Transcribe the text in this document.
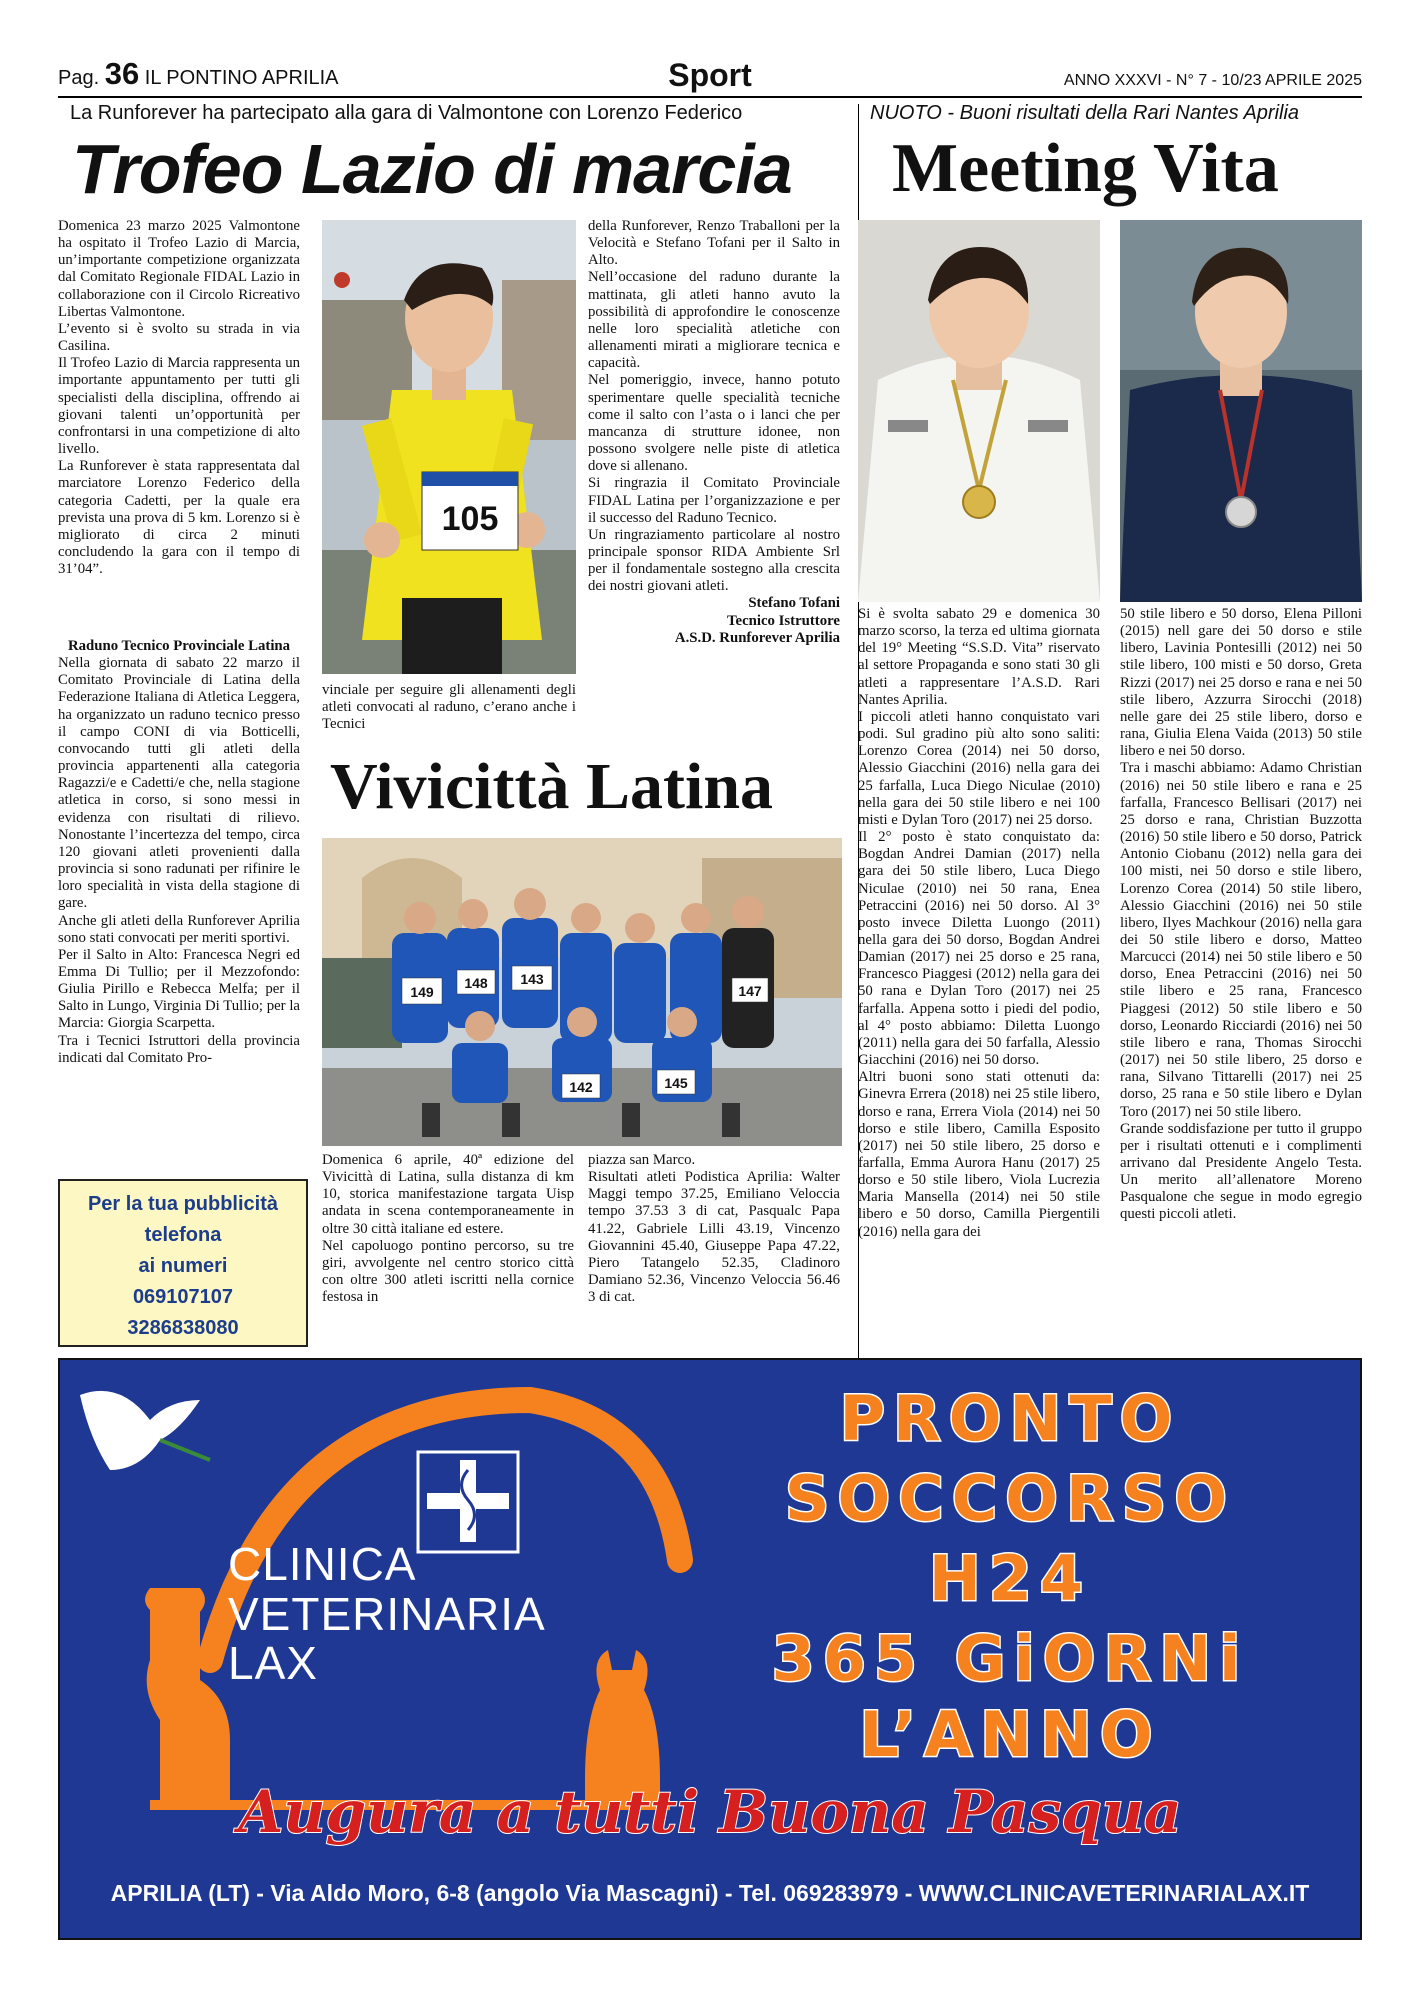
Pag. 36 IL PONTINO APRILIA	Sport	ANNO XXXVI - N° 7 - 10/23 APRILE 2025
La Runforever ha partecipato alla gara di Valmontone con Lorenzo Federico
Trofeo Lazio di marcia

Domenica 23 marzo 2025 Valmontone ha ospitato il Trofeo Lazio di Marcia, un’importante competizione organizzata dal Comitato Regionale FIDAL Lazio in collaborazione con il Circolo Ricreativo Libertas Valmontone.

L’evento si è svolto su strada in via Casilina.

Il Trofeo Lazio di Marcia rappresenta un importante appuntamento per tutti gli specialisti della disciplina, offrendo ai giovani talenti un’opportunità per confrontarsi in una competizione di alto livello.

La Runforever è stata rappresentata dal marciatore Lorenzo Federico della categoria Cadetti, per la quale era prevista una prova di 5 km. Lorenzo si è migliorato di circa 2 minuti concludendo la gara con il tempo di 31’04”.

Raduno Tecnico Provinciale Latina

Nella giornata di sabato 22 marzo il Comitato Provinciale di Latina della Federazione Italiana di Atletica Leggera, ha organizzato un raduno tecnico presso il campo CONI di via Botticelli, convocando tutti gli atleti della provincia appartenenti alla categoria Ragazzi/e e Cadetti/e che, nella stagione atletica in corso, si sono messi in evidenza con risultati di rilievo. Nonostante l’incertezza del tempo, circa 120 giovani atleti provenienti dalla provincia si sono radunati per rifinire le loro specialità in vista della stagione di gare.

Anche gli atleti della Runforever Aprilia sono stati convocati per meriti sportivi.

Per il Salto in Alto: Francesca Negri ed Emma Di Tullio; per il Mezzofondo: Giulia Pirillo e Rebecca Melfa; per il Salto in Lungo, Virginia Di Tullio; per la Marcia: Giorgia Scarpetta.

Tra i Tecnici Istruttori della provincia indicati dal Comitato Pro-

105

vinciale per seguire gli allenamenti degli atleti convocati al raduno, c’erano anche i Tecnici

della Runforever, Renzo Traballoni per la Velocità e Stefano Tofani per il Salto in Alto.

Nell’occasione del raduno durante la mattinata, gli atleti hanno avuto la possibilità di approfondire le conoscenze nelle loro specialità atletiche con allenamenti mirati a migliorare tecnica e capacità.

Nel pomeriggio, invece, hanno potuto sperimentare quelle specialità tecniche come il salto con l’asta o i lanci che per mancanza di strutture idonee, non possono svolgere nelle piste di atletica dove si allenano.

Si ringrazia il Comitato Provinciale FIDAL Latina per l’organizzazione e per il successo del Raduno Tecnico.

Un ringraziamento particolare al nostro principale sponsor RIDA Ambiente Srl per il fondamentale sostegno alla crescita dei nostri giovani atleti.

Stefano Tofani

Tecnico Istruttore

A.S.D. Runforever Aprilia

Vivicittà Latina
149
148 143
147
142	145

Domenica 6 aprile, 40ª edizione del Vivicittà di Latina, sulla distanza di km 10, storica manifestazione targata Uisp andata in scena contemporaneamente in oltre 30 città italiane ed estere.

Nel capoluogo pontino percorso, su tre giri, avvolgente nel centro storico città con oltre 300 atleti iscritti nella cornice festosa in

piazza san Marco.

Risultati atleti Podistica Aprilia: Walter Maggi tempo 37.25, Emiliano Veloccia tempo 37.53 3 di cat, Pasqualc Papa 41.22, Gabriele Lilli 43.19, Vincenzo Giovannini 45.40, Giuseppe Papa 47.22, Piero Tatangelo 52.35, Cladinoro Damiano 52.36, Vincenzo Veloccia 56.46 3 di cat.

Per la tua pubblicità
telefona
ai numeri
069107107
3286838080
NUOTO - Buoni risultati della Rari Nantes Aprilia
Meeting Vita

Si è svolta sabato 29 e domenica 30 marzo scorso, la terza ed ultima giornata del 19° Meeting “S.S.D. Vita” riservato al settore Propaganda e sono stati 30 gli atleti a rappresentare l’A.S.D. Rari Nantes Aprilia.

I piccoli atleti hanno conquistato vari podi. Sul gradino più alto sono saliti: Lorenzo Corea (2014) nei 50 dorso, Alessio Giacchini (2016) nella gara dei 25 farfalla, Luca Diego Niculae (2010) nella gara dei 50 stile libero e nei 100 misti e Dylan Toro (2017) nei 25 dorso.

Il 2° posto è stato conquistato da: Bogdan Andrei Damian (2017) nella gara dei 50 stile libero, Luca Diego Niculae (2010) nei 50 rana, Enea Petraccini (2016) nei 50 dorso. Al 3° posto invece Diletta Luongo (2011) nella gara dei 50 dorso, Bogdan Andrei Damian (2017) nei 25 dorso e 25 rana, Francesco Piaggesi (2012) nella gara dei 50 rana e Dylan Toro (2017) nei 25 farfalla. Appena sotto i piedi del podio, al 4° posto abbiamo: Diletta Luongo (2011) nella gara dei 50 farfalla, Alessio Giacchini (2016) nei 50 dorso.

Altri buoni sono stati ottenuti da: Ginevra Errera (2018) nei 25 stile libero, dorso e rana, Errera Viola (2014) nei 50 dorso e stile libero, Camilla Esposito (2017) nei 50 stile libero, 25 dorso e farfalla, Emma Aurora Hanu (2017) 25 dorso e 50 stile libero, Viola Lucrezia Maria Mansella (2014) nei 50 stile libero e 50 dorso, Camilla Piergentili (2016) nella gara dei

50 stile libero e 50 dorso, Elena Pilloni (2015) nell gare dei 50 dorso e stile libero, Lavinia Pontesilli (2012) nei 50 stile libero, 100 misti e 50 dorso, Greta Rizzi (2017) nei 25 dorso e rana e nei 50 stile libero, Azzurra Sirocchi (2018) nelle gare dei 25 stile libero, dorso e rana, Giulia Elena Vaida (2013) 50 stile libero e nei 50 dorso.

Tra i maschi abbiamo: Adamo Christian (2016) nei 50 stile libero e rana e 25 farfalla, Francesco Bellisari (2017) nei 25 dorso e rana, Christian Buzzotta (2016) 50 stile libero e 50 dorso, Patrick Antonio Ciobanu (2012) nella gara dei 100 misti, nei 50 dorso e stile libero, Lorenzo Corea (2014) 50 stile libero, Alessio Giacchini (2016) nei 50 stile libero, Ilyes Machkour (2016) nella gara dei 50 stile libero e dorso, Matteo Marcucci (2014) nei 50 stile libero e 50 dorso, Enea Petraccini (2016) nei 50 stile libero e 25 rana, Francesco Piaggesi (2012) 50 stile libero e 50 dorso, Leonardo Ricciardi (2016) nei 50 stile libero e rana, Thomas Sirocchi (2017) nei 50 stile libero, 25 dorso e rana, Silvano Tittarelli (2017) nei 25 dorso, 25 rana e 50 stile libero e Dylan Toro (2017) nei 50 stile libero.

Grande soddisfazione per tutto il gruppo per i risultati ottenuti e i complimenti arrivano dal Presidente Angelo Testa. Un merito all’allenatore Moreno Pasqualone che segue in modo egregio questi piccoli atleti.

CLINICA
VETERINARIA
LAX
PRONTO
SOCCORSO
H24
365 GiORNi
L’ANNO
Augura a tutti Buona Pasqua
APRILIA (LT) - Via Aldo Moro, 6-8 (angolo Via Mascagni) - Tel. 069283979 - WWW.CLINICAVETERINARIALAX.IT
